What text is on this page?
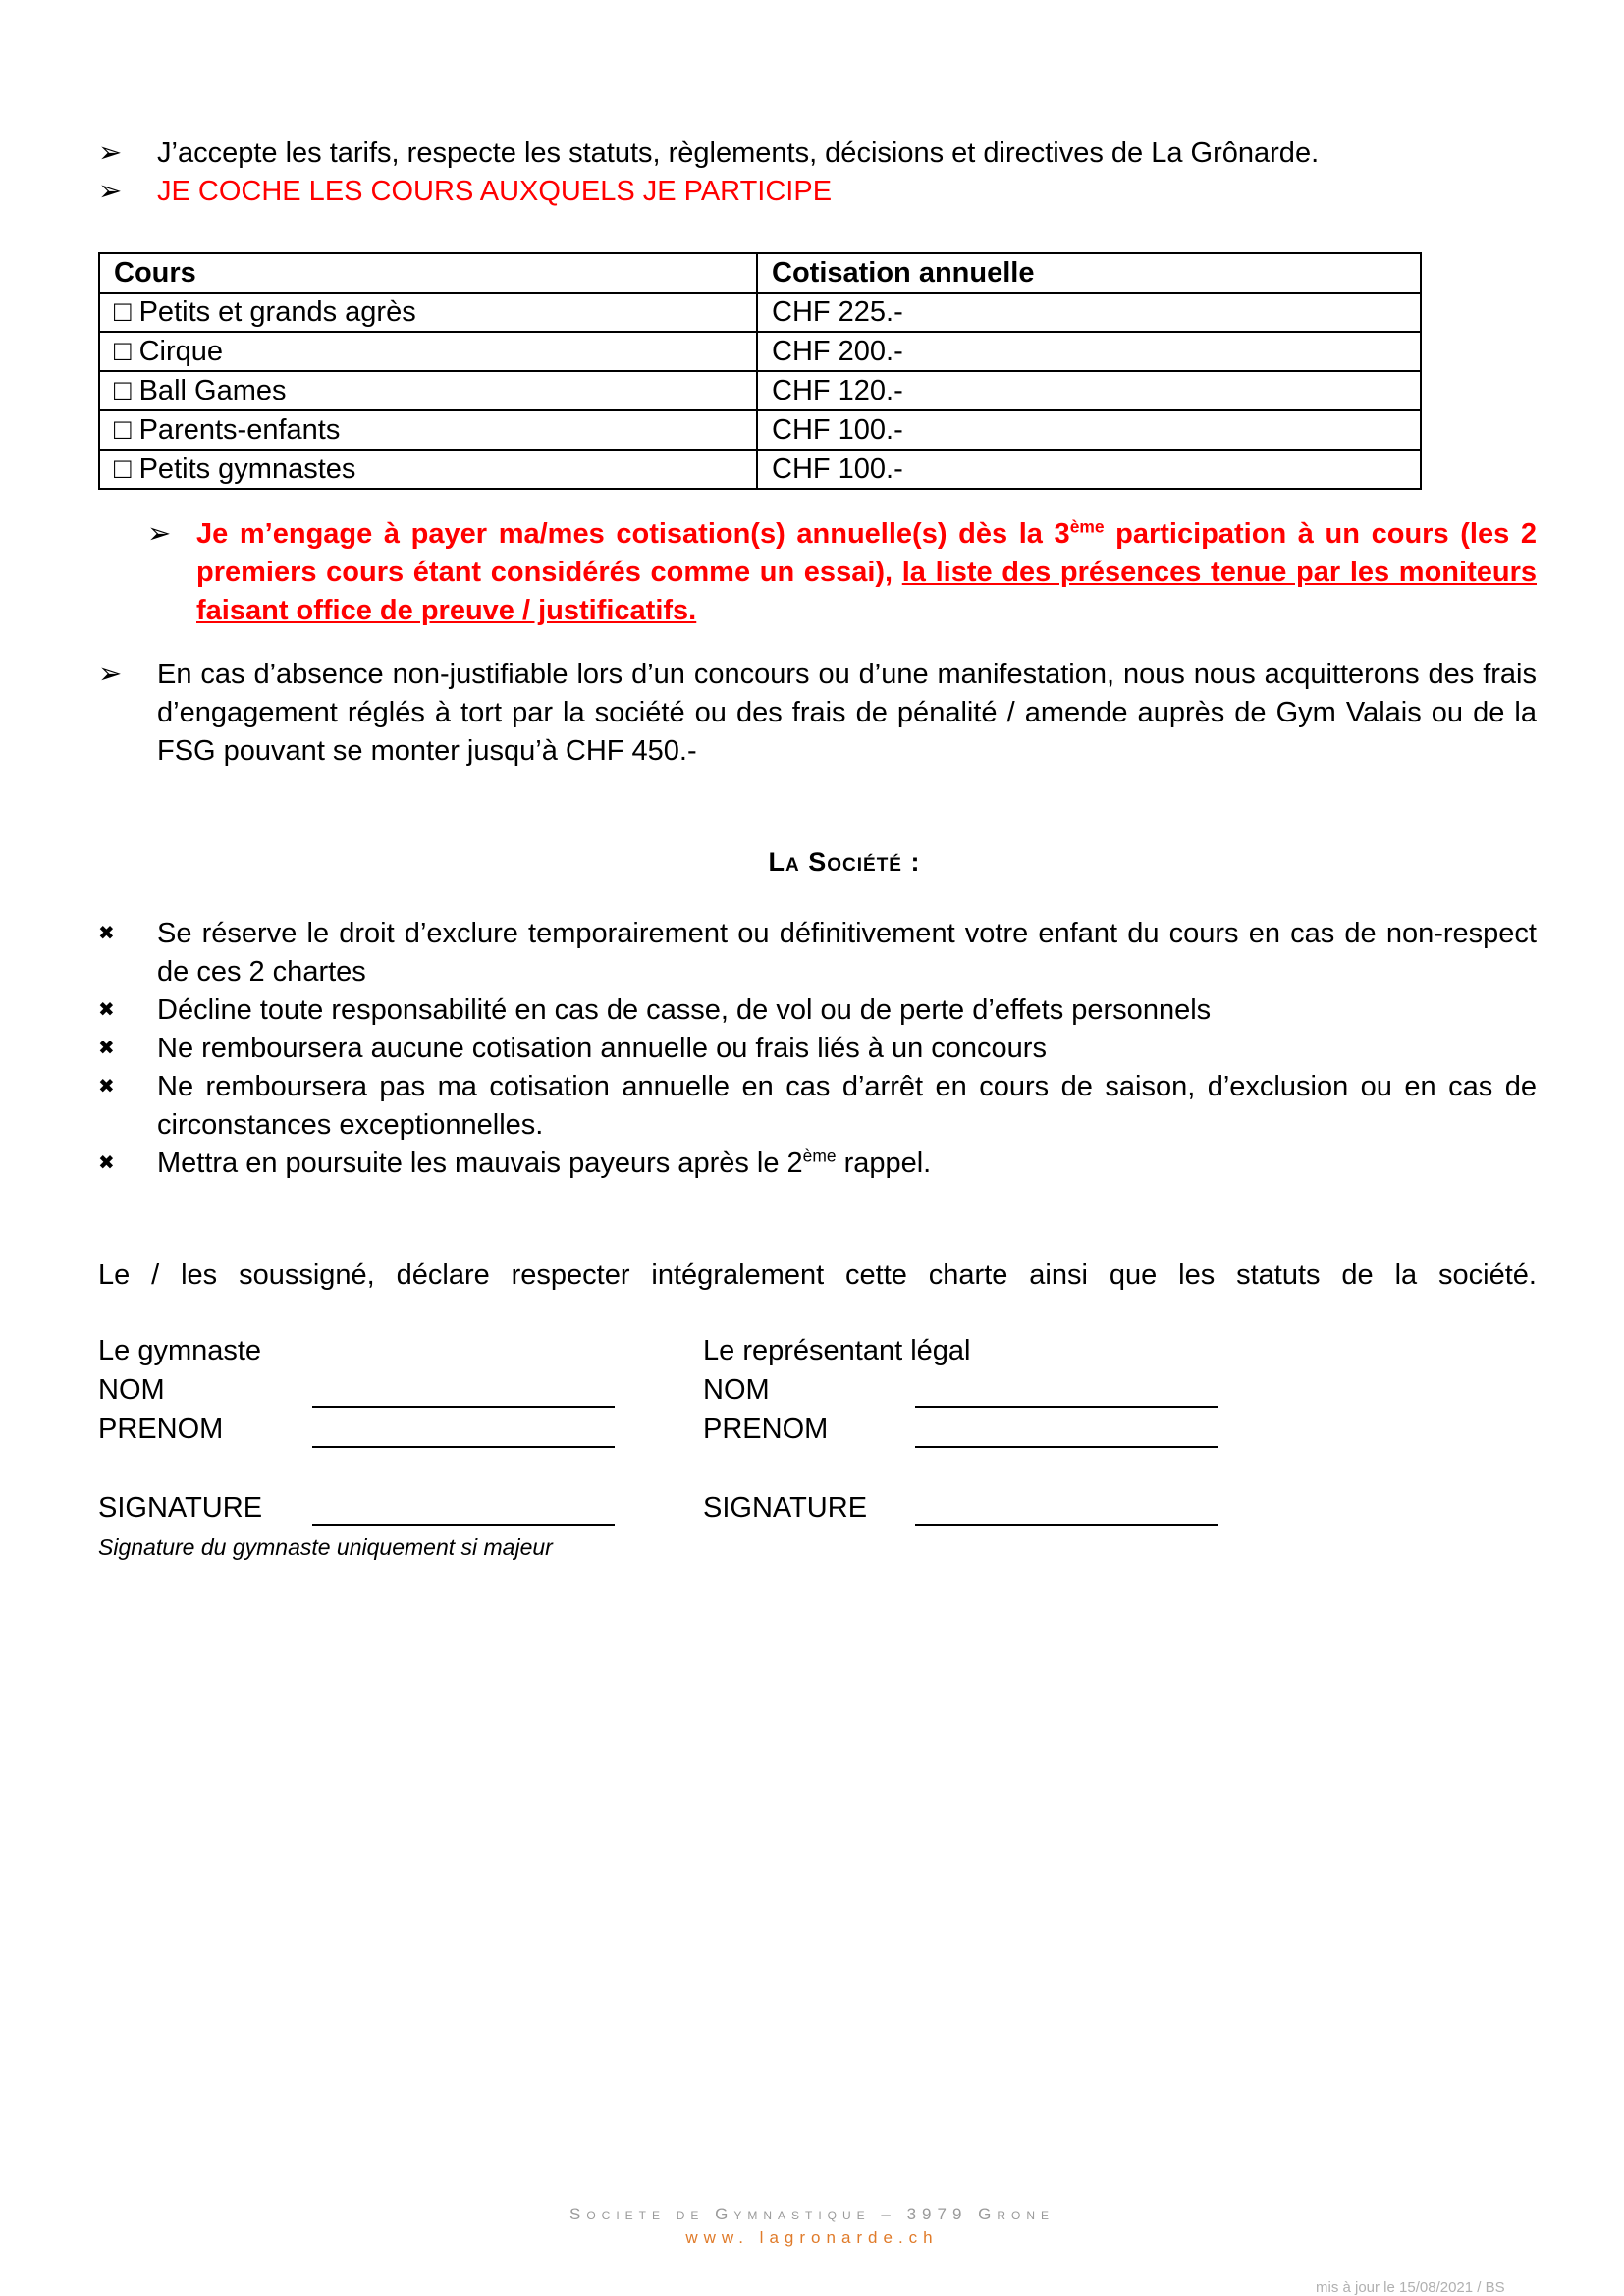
➢	J’accepte les tarifs, respecte les statuts, règlements, décisions et directives de La Grônarde.
➢	JE COCHE LES COURS AUXQUELS JE PARTICIPE
Cours	Cotisation annuelle
□ Petits et grands agrès	CHF 225.-
□ Cirque	CHF 200.-
□ Ball Games	CHF 120.-
□ Parents-enfants	CHF 100.-
□ Petits gymnastes	CHF 100.-
➢ Je m’engage à payer ma/mes cotisation(s) annuelle(s) dès la 3ème participation à un cours (les 2 premiers cours étant considérés comme un essai), la liste des présences tenue par les moniteurs faisant office de preuve / justificatifs.
➢	En cas d’absence non-justifiable lors d’un concours ou d’une manifestation, nous nous acquitterons des frais d’engagement réglés à tort par la société ou des frais de pénalité / amende auprès de Gym Valais ou de la FSG pouvant se monter jusqu’à CHF 450.-
La Société :
✖	Se réserve le droit d’exclure temporairement ou définitivement votre enfant du cours en cas de non-respect de ces 2 chartes
✖	Décline toute responsabilité en cas de casse, de vol ou de perte d’effets personnels
✖	Ne remboursera aucune cotisation annuelle ou frais liés à un concours
✖	Ne remboursera pas ma cotisation annuelle en cas d’arrêt en cours de saison, d’exclusion ou en cas de circonstances exceptionnelles.
✖	Mettra en poursuite les mauvais payeurs après le 2ème rappel.
Le / les soussigné, déclare respecter intégralement cette charte ainsi que les statuts de la société.
Le gymnaste
NOM
PRENOM
SIGNATURE
Signature du gymnaste uniquement si majeur
Le représentant légal
NOM
PRENOM
SIGNATURE
Societe de Gymnastique – 3979 Grone
www. lagronarde.ch
mis à jour le 15/08/2021 / BS
